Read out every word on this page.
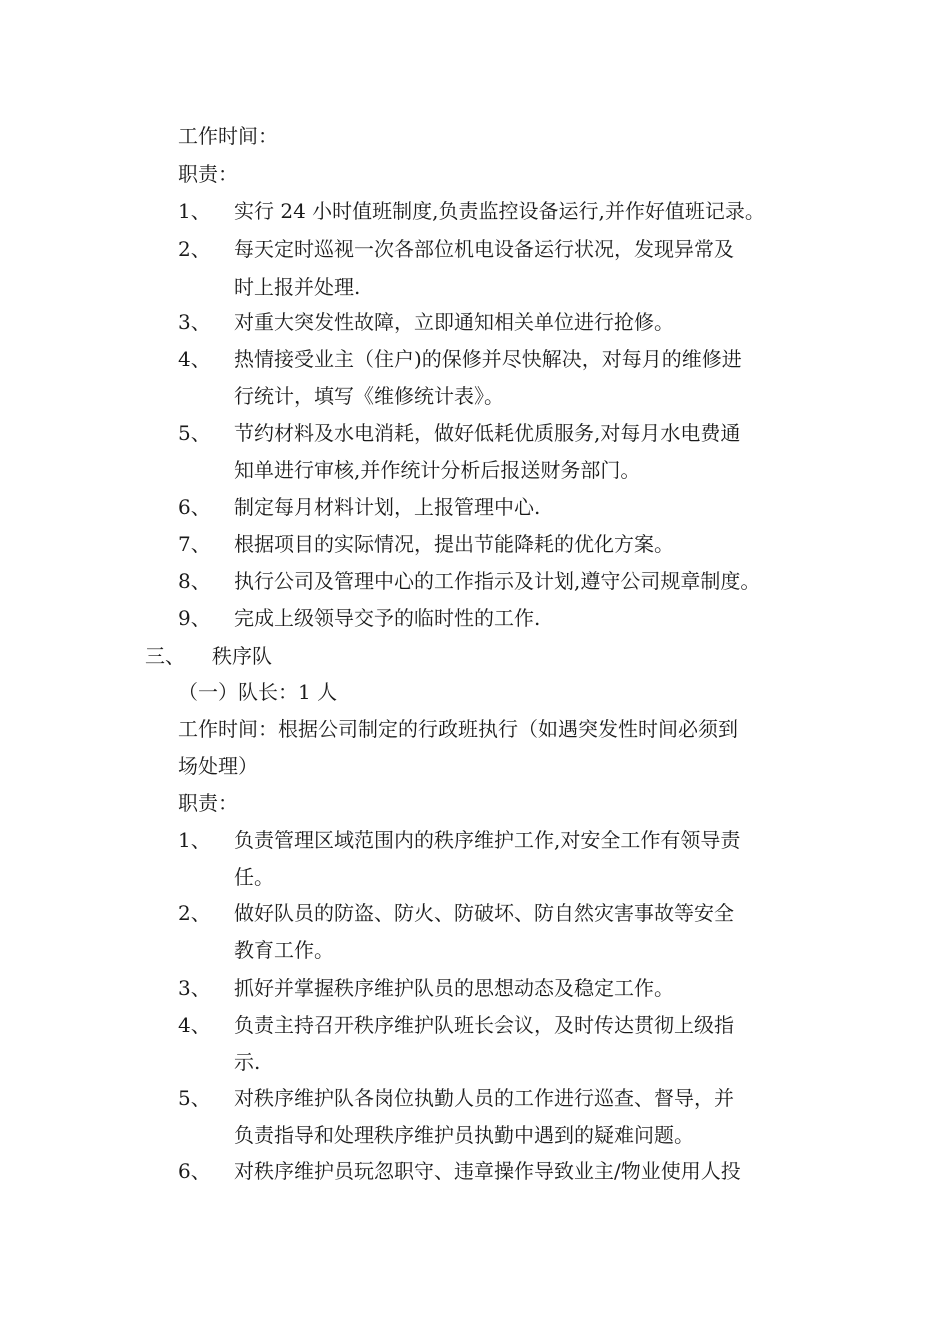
工作时间：
职责：
1、 实行 24 小时值班制度,负责监控设备运行,并作好值班记录。
2、 每天定时巡视一次各部位机电设备运行状况，发现异常及
时上报并处理.
3、 对重大突发性故障，立即通知相关单位进行抢修。
4、 热情接受业主（住户)的保修并尽快解决，对每月的维修进
行统计，填写《维修统计表》。
5、 节约材料及水电消耗，做好低耗优质服务,对每月水电费通
知单进行审核,并作统计分析后报送财务部门。
6、 制定每月材料计划，上报管理中心.
7、 根据项目的实际情况，提出节能降耗的优化方案。
8、 执行公司及管理中心的工作指示及计划,遵守公司规章制度。
9、 完成上级领导交予的临时性的工作.
三、 秩序队
（一）队长：1 人
工作时间：根据公司制定的行政班执行（如遇突发性时间必须到
场处理）
职责：
1、 负责管理区域范围内的秩序维护工作,对安全工作有领导责
任。
2、 做好队员的防盗、防火、防破坏、防自然灾害事故等安全
教育工作。
3、 抓好并掌握秩序维护队员的思想动态及稳定工作。
4、 负责主持召开秩序维护队班长会议，及时传达贯彻上级指
示.
5、 对秩序维护队各岗位执勤人员的工作进行巡查、督导，并
负责指导和处理秩序维护员执勤中遇到的疑难问题。
6、 对秩序维护员玩忽职守、违章操作导致业主/物业使用人投
